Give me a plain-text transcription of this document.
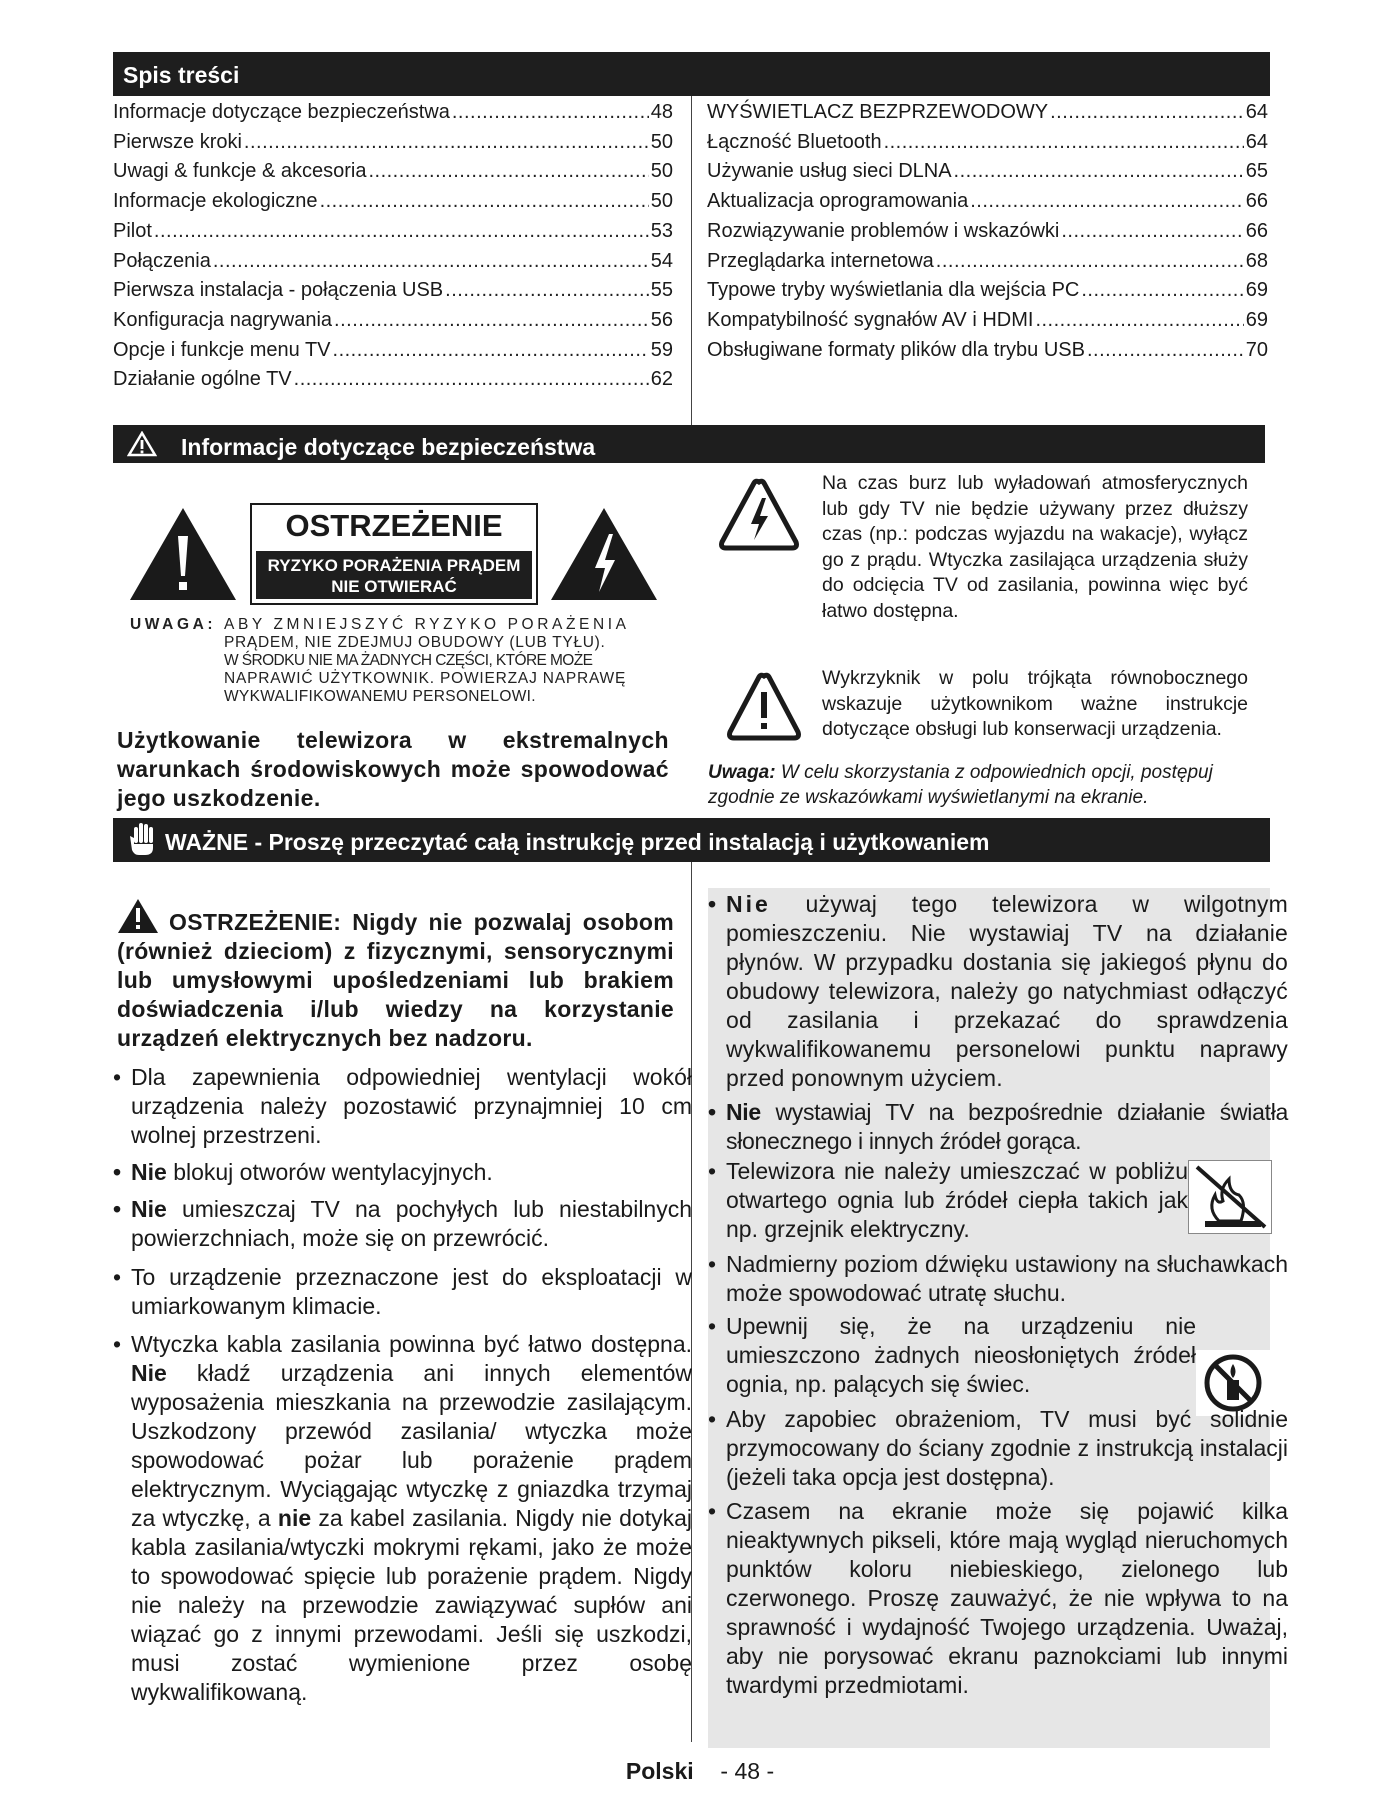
Spis treści
Informacje dotyczące bezpieczeństwa .....	48
Pierwsze kroki .....	50
Uwagi & funkcje & akcesoria .....	50
Informacje ekologiczne .....	50
Pilot .....	53
Połączenia .....	54
Pierwsza instalacja - połączenia USB .....	55
Konfiguracja nagrywania .....	56
Opcje i funkcje menu TV .....	59
Działanie ogólne TV .....	62
WYŚWIETLACZ BEZPRZEWODOWY .....	64
Łączność Bluetooth .....	64
Używanie usług sieci DLNA .....	65
Aktualizacja oprogramowania .....	66
Rozwiązywanie problemów i wskazówki .....	66
Przeglądarka internetowa .....	68
Typowe tryby wyświetlania dla wejścia PC .....	69
Kompatybilność sygnałów AV i HDMI .....	69
Obsługiwane formaty plików dla trybu USB .....	70
Informacje dotyczące bezpieczeństwa
OSTRZEŻENIE
RYZYKO PORAŻENIA PRĄDEM
NIE OTWIERAĆ
UWAGA: ABY ZMNIEJSZYĆ RYZYKO PORAŻENIA
PRĄDEM, NIE ZDEJMUJ OBUDOWY (LUB TYŁU).
W ŚRODKU NIE MA ŻADNYCH CZĘŚCI, KTÓRE MOŻE
NAPRAWIĆ UŻYTKOWNIK. POWIERZAJ NAPRAWĘ
WYKWALIFIKOWANEMU PERSONELOWI.
Użytkowanie telewizora w ekstremalnych warunkach środowiskowych może spowodować jego uszkodzenie.
Na czas burz lub wyładowań atmosferycznych lub gdy TV nie będzie używany przez dłuższy czas (np.: podczas wyjazdu na wakacje), wyłącz go z prądu. Wtyczka zasilająca urządzenia służy do odcięcia TV od zasilania, powinna więc być łatwo dostępna.
Wykrzyknik w polu trójkąta równobocznego wskazuje użytkownikom ważne instrukcje dotyczące obsługi lub konserwacji urządzenia.
Uwaga: W celu skorzystania z odpowiednich opcji, postępuj zgodnie ze wskazówkami wyświetlanymi na ekranie.
WAŻNE - Proszę przeczytać całą instrukcję przed instalacją i użytkowaniem
OSTRZEŻENIE: Nigdy nie pozwalaj osobom (również dzieciom) z fizycznymi, sensorycznymi lub umysłowymi upośledzeniami lub brakiem doświadczenia i/lub wiedzy na korzystanie urządzeń elektrycznych bez nadzoru.
• Dla zapewnienia odpowiedniej wentylacji wokół urządzenia należy pozostawić przynajmniej 10 cm wolnej przestrzeni.
• Nie blokuj otworów wentylacyjnych.
• Nie umieszczaj TV na pochyłych lub niestabilnych powierzchniach, może się on przewrócić.
• To urządzenie przeznaczone jest do eksploatacji w umiarkowanym klimacie.
• Wtyczka kabla zasilania powinna być łatwo dostępna. Nie kładź urządzenia ani innych elementów wyposażenia mieszkania na przewodzie zasilającym. Uszkodzony przewód zasilania/ wtyczka może spowodować pożar lub porażenie prądem elektrycznym. Wyciągając wtyczkę z gniazdka trzymaj za wtyczkę, a nie za kabel zasilania. Nigdy nie dotykaj kabla zasilania/wtyczki mokrymi rękami, jako że może to spowodować spięcie lub porażenie prądem. Nigdy nie należy na przewodzie zawiązywać supłów ani wiązać go z innymi przewodami. Jeśli się uszkodzi, musi zostać wymienione przez osobę wykwalifikowaną.
• Nie używaj tego telewizora w wilgotnym pomieszczeniu. Nie wystawiaj TV na działanie płynów. W przypadku dostania się jakiegoś płynu do obudowy telewizora, należy go natychmiast odłączyć od zasilania i przekazać do sprawdzenia wykwalifikowanemu personelowi punktu naprawy przed ponownym użyciem.
• Nie wystawiaj TV na bezpośrednie działanie światła słonecznego i innych źródeł gorąca.
• Telewizora nie należy umieszczać w pobliżu otwartego ognia lub źródeł ciepła takich jak np. grzejnik elektryczny.
• Nadmierny poziom dźwięku ustawiony na słuchawkach może spowodować utratę słuchu.
• Upewnij się, że na urządzeniu nie umieszczono żadnych nieosłoniętych źródeł ognia, np. palących się świec.
• Aby zapobiec obrażeniom, TV musi być solidnie przymocowany do ściany zgodnie z instrukcją instalacji (jeżeli taka opcja jest dostępna).
• Czasem na ekranie może się pojawić kilka nieaktywnych pikseli, które mają wygląd nieruchomych punktów koloru niebieskiego, zielonego lub czerwonego. Proszę zauważyć, że nie wpływa to na sprawność i wydajność Twojego urządzenia. Uważaj, aby nie porysować ekranu paznokciami lub innymi twardymi przedmiotami.
Polski - 48 -
